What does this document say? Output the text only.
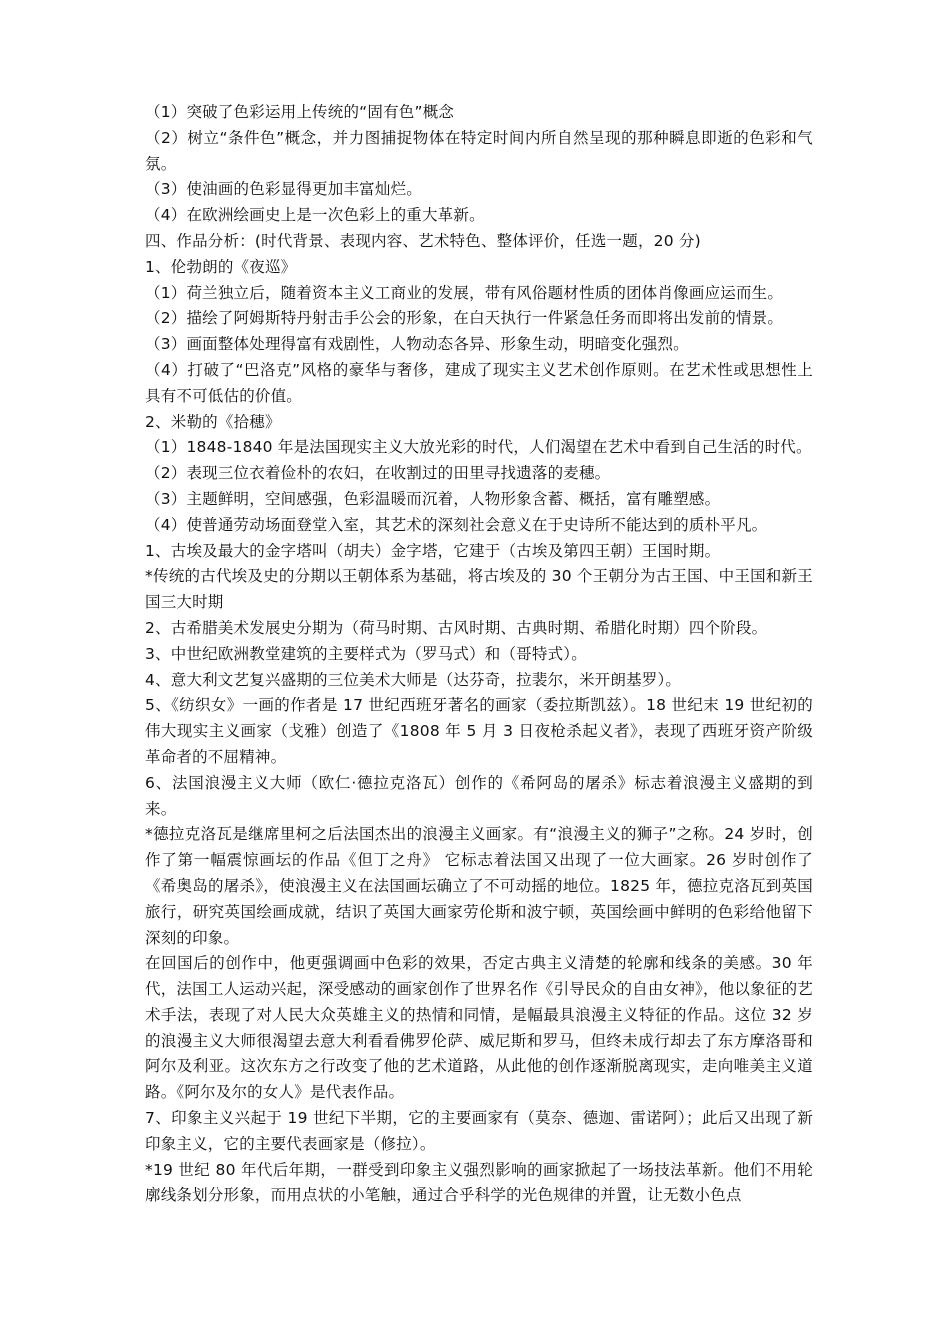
（1）突破了色彩运用上传统的“固有色”概念

（2）树立“条件色”概念，并力图捕捉物体在特定时间内所自然呈现的那种瞬息即逝的色彩和气氛。

（3）使油画的色彩显得更加丰富灿烂。

（4）在欧洲绘画史上是一次色彩上的重大革新。

四、作品分析：(时代背景、表现内容、艺术特色、整体评价，任选一题，20 分)

1、伦勃朗的《夜巡》

（1）荷兰独立后，随着资本主义工商业的发展，带有风俗题材性质的团体肖像画应运而生。

（2）描绘了阿姆斯特丹射击手公会的形象，在白天执行一件紧急任务而即将出发前的情景。

（3）画面整体处理得富有戏剧性，人物动态各异、形象生动，明暗变化强烈。

（4）打破了“巴洛克”风格的豪华与奢侈，建成了现实主义艺术创作原则。在艺术性或思想性上具有不可低估的价值。

2、米勒的《拾穗》

（1）1848-1840 年是法国现实主义大放光彩的时代，人们渴望在艺术中看到自己生活的时代。

（2）表现三位衣着俭朴的农妇，在收割过的田里寻找遗落的麦穗。

（3）主题鲜明，空间感强，色彩温暖而沉着，人物形象含蓄、概括，富有雕塑感。

（4）使普通劳动场面登堂入室，其艺术的深刻社会意义在于史诗所不能达到的质朴平凡。

1、古埃及最大的金字塔叫（胡夫）金字塔，它建于（古埃及第四王朝）王国时期。

*传统的古代埃及史的分期以王朝体系为基础，将古埃及的 30 个王朝分为古王国、中王国和新王国三大时期

2、古希腊美术发展史分期为（荷马时期、古风时期、古典时期、希腊化时期）四个阶段。

3、中世纪欧洲教堂建筑的主要样式为（罗马式）和（哥特式）。

4、意大利文艺复兴盛期的三位美术大师是（达芬奇，拉裴尔，米开朗基罗）。

5、《纺织女》一画的作者是 17 世纪西班牙著名的画家（委拉斯凯兹）。18 世纪末 19 世纪初的伟大现实主义画家（戈雅）创造了《1808 年 5 月 3 日夜枪杀起义者》，表现了西班牙资产阶级革命者的不屈精神。

6、法国浪漫主义大师（欧仁·德拉克洛瓦）创作的《希阿岛的屠杀》标志着浪漫主义盛期的到来。

*德拉克洛瓦是继席里柯之后法国杰出的浪漫主义画家。有“浪漫主义的狮子”之称。24 岁时，创作了第一幅震惊画坛的作品《但丁之舟》 它标志着法国又出现了一位大画家。26 岁时创作了《希奥岛的屠杀》，使浪漫主义在法国画坛确立了不可动摇的地位。1825 年，德拉克洛瓦到英国旅行，研究英国绘画成就，结识了英国大画家劳伦斯和波宁顿，英国绘画中鲜明的色彩给他留下深刻的印象。

在回国后的创作中，他更强调画中色彩的效果，否定古典主义清楚的轮廓和线条的美感。30 年代，法国工人运动兴起，深受感动的画家创作了世界名作《引导民众的自由女神》，他以象征的艺术手法，表现了对人民大众英雄主义的热情和同情，是幅最具浪漫主义特征的作品。这位 32 岁的浪漫主义大师很渴望去意大利看看佛罗伦萨、威尼斯和罗马，但终未成行却去了东方摩洛哥和阿尔及利亚。这次东方之行改变了他的艺术道路，从此他的创作逐渐脱离现实，走向唯美主义道路。《阿尔及尔的女人》是代表作品。

7、印象主义兴起于 19 世纪下半期，它的主要画家有（莫奈、德迦、雷诺阿）；此后又出现了新印象主义，它的主要代表画家是（修拉）。

*19 世纪 80 年代后年期，一群受到印象主义强烈影响的画家掀起了一场技法革新。他们不用轮廓线条划分形象，而用点状的小笔触，通过合乎科学的光色规律的并置，让无数小色点
